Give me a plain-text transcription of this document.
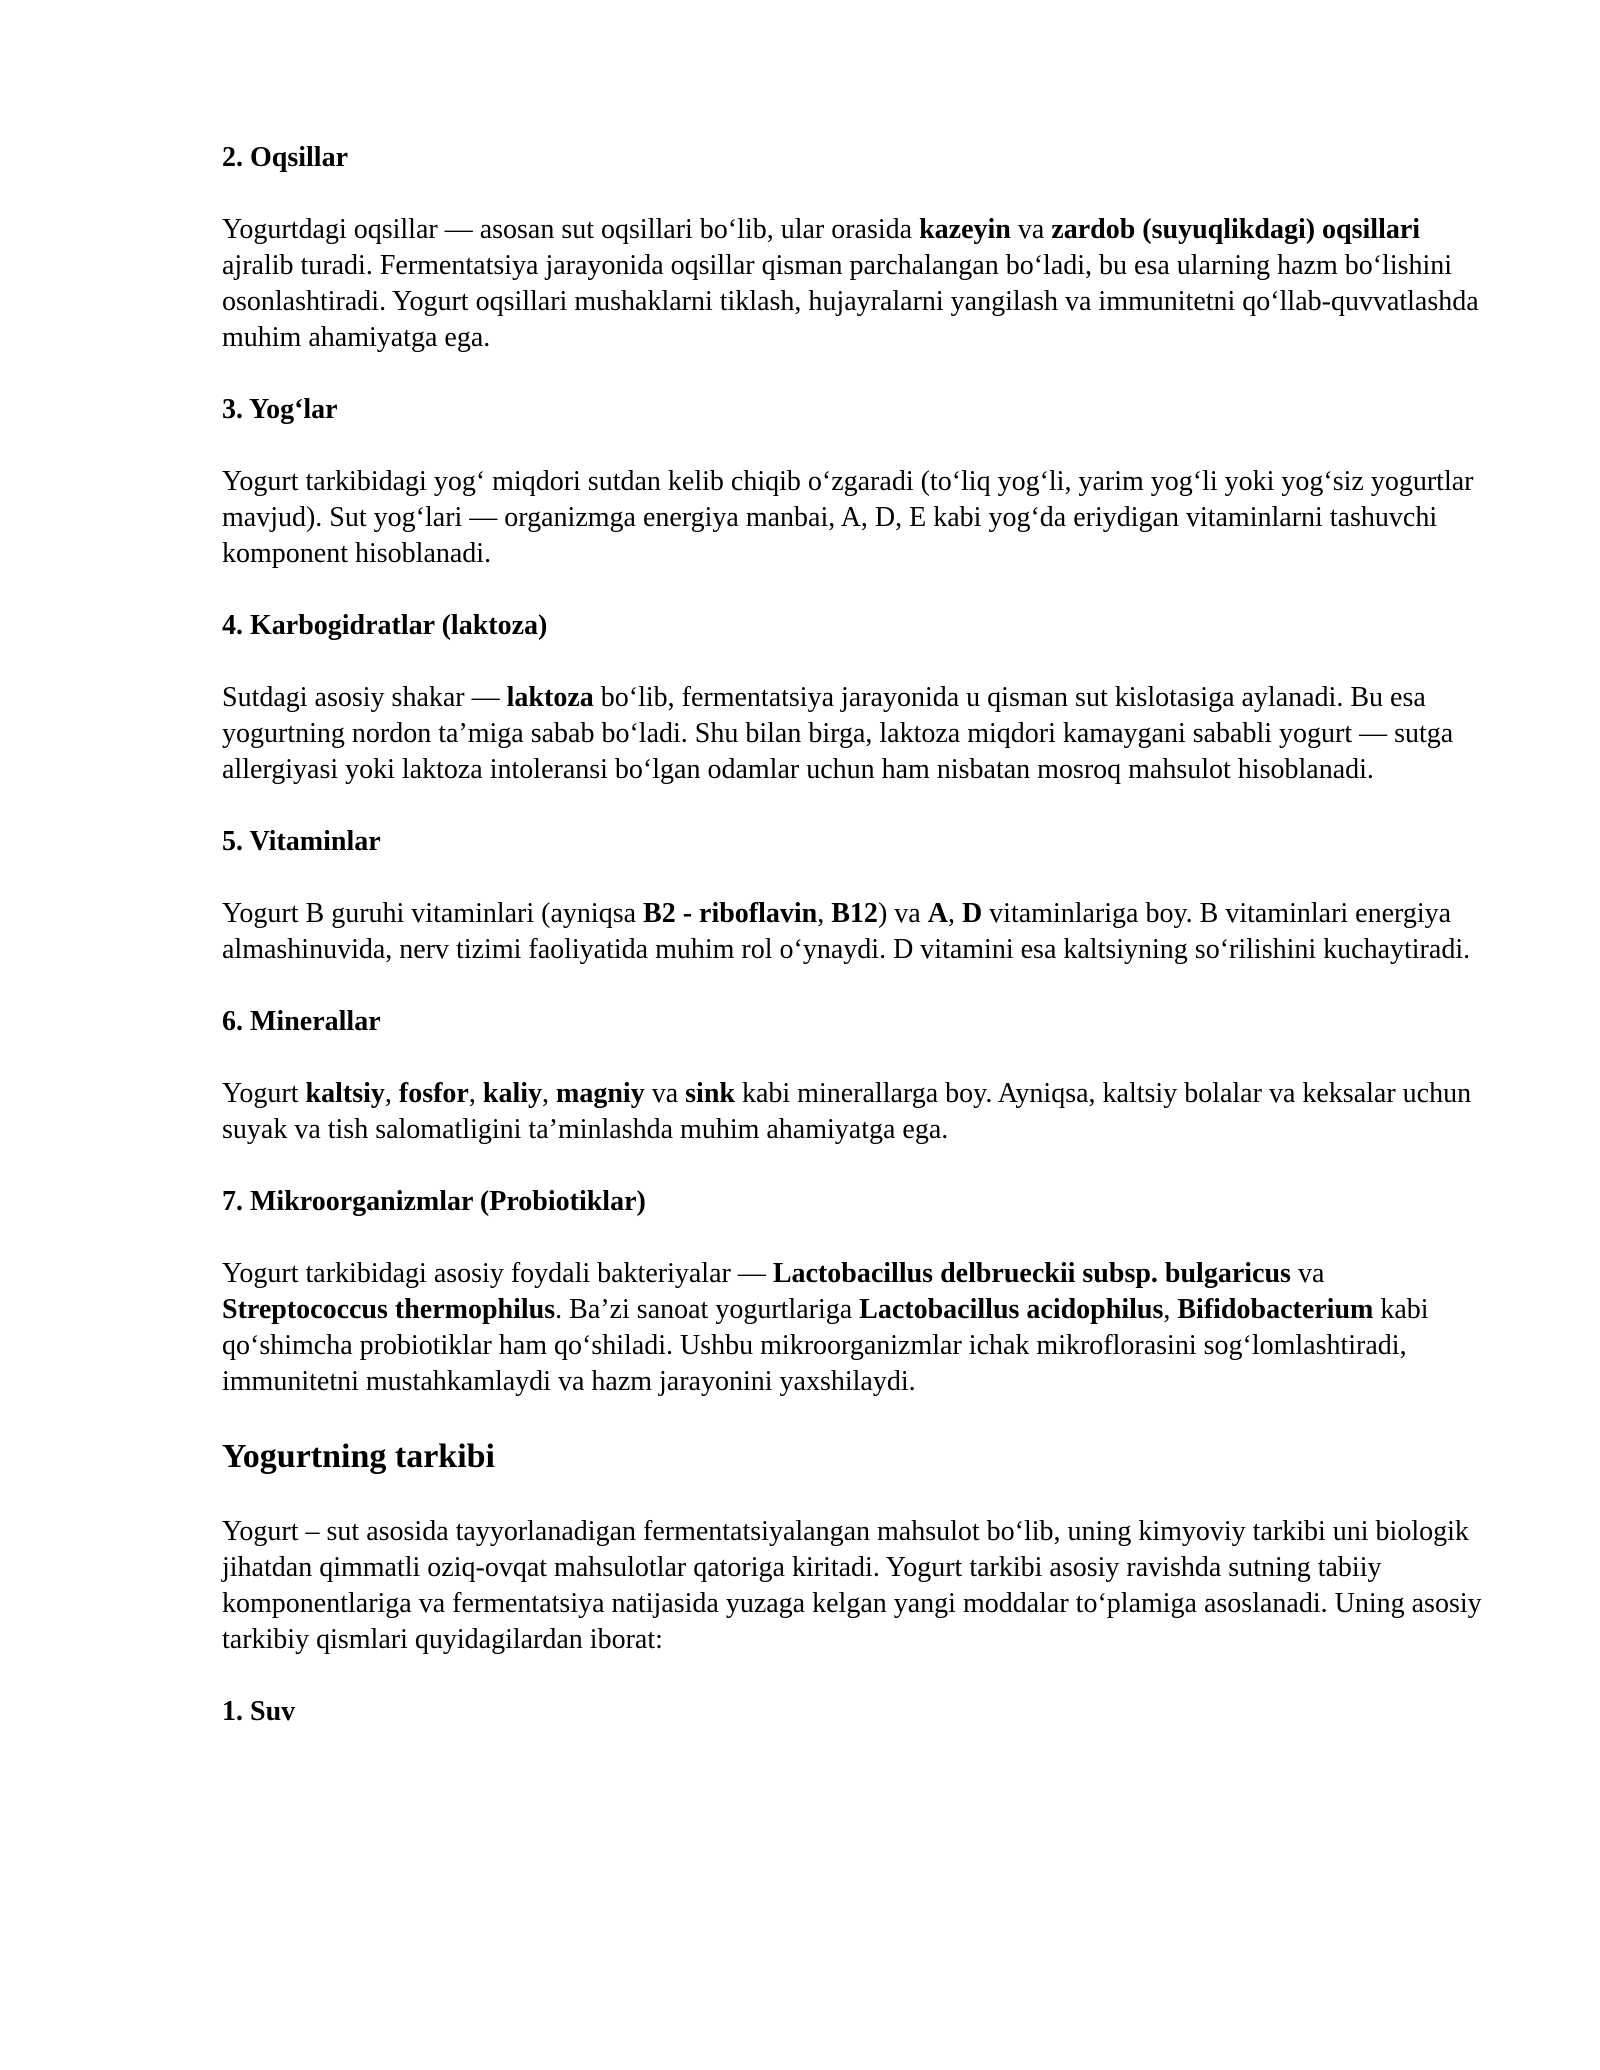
2. Oqsillar
Yogurtdagi oqsillar — asosan sut oqsillari bo‘lib, ular orasida kazeyin va zardob (suyuqlikdagi) oqsillari ajralib turadi. Fermentatsiya jarayonida oqsillar qisman parchalangan bo‘ladi, bu esa ularning hazm bo‘lishini osonlashtiradi. Yogurt oqsillari mushaklarni tiklash, hujayralarni yangilash va immunitetni qo‘llab-quvvatlashda muhim ahamiyatga ega.
3. Yog‘lar
Yogurt tarkibidagi yog‘ miqdori sutdan kelib chiqib o‘zgaradi (to‘liq yog‘li, yarim yog‘li yoki yog‘siz yogurtlar mavjud). Sut yog‘lari — organizmga energiya manbai, A, D, E kabi yog‘da eriydigan vitaminlarni tashuvchi komponent hisoblanadi.
4. Karbogidratlar (laktoza)
Sutdagi asosiy shakar — laktoza bo‘lib, fermentatsiya jarayonida u qisman sut kislotasiga aylanadi. Bu esa yogurtning nordon ta’miga sabab bo‘ladi. Shu bilan birga, laktoza miqdori kamaygani sababli yogurt — sutga allergiyasi yoki laktoza intoleransi bo‘lgan odamlar uchun ham nisbatan mosroq mahsulot hisoblanadi.
5. Vitaminlar
Yogurt B guruhi vitaminlari (ayniqsa B2 - riboflavin, B12) va A, D vitaminlariga boy. B vitaminlari energiya almashinuvida, nerv tizimi faoliyatida muhim rol o‘ynaydi. D vitamini esa kaltsiyning so‘rilishini kuchaytiradi.
6. Minerallar
Yogurt kaltsiy, fosfor, kaliy, magniy va sink kabi minerallarga boy. Ayniqsa, kaltsiy bolalar va keksalar uchun suyak va tish salomatligini ta’minlashda muhim ahamiyatga ega.
7. Mikroorganizmlar (Probiotiklar)
Yogurt tarkibidagi asosiy foydali bakteriyalar — Lactobacillus delbrueckii subsp. bulgaricus va Streptococcus thermophilus. Ba’zi sanoat yogurtlariga Lactobacillus acidophilus, Bifidobacterium kabi qo‘shimcha probiotiklar ham qo‘shiladi. Ushbu mikroorganizmlar ichak mikroflorasini sog‘lomlashtiradi, immunitetni mustahkamlaydi va hazm jarayonini yaxshilaydi.
Yogurtning tarkibi
Yogurt – sut asosida tayyorlanadigan fermentatsiyalangan mahsulot bo‘lib, uning kimyoviy tarkibi uni biologik jihatdan qimmatli oziq-ovqat mahsulotlar qatoriga kiritadi. Yogurt tarkibi asosiy ravishda sutning tabiiy komponentlariga va fermentatsiya natijasida yuzaga kelgan yangi moddalar to‘plamiga asoslanadi. Uning asosiy tarkibiy qismlari quyidagilardan iborat:
1. Suv
